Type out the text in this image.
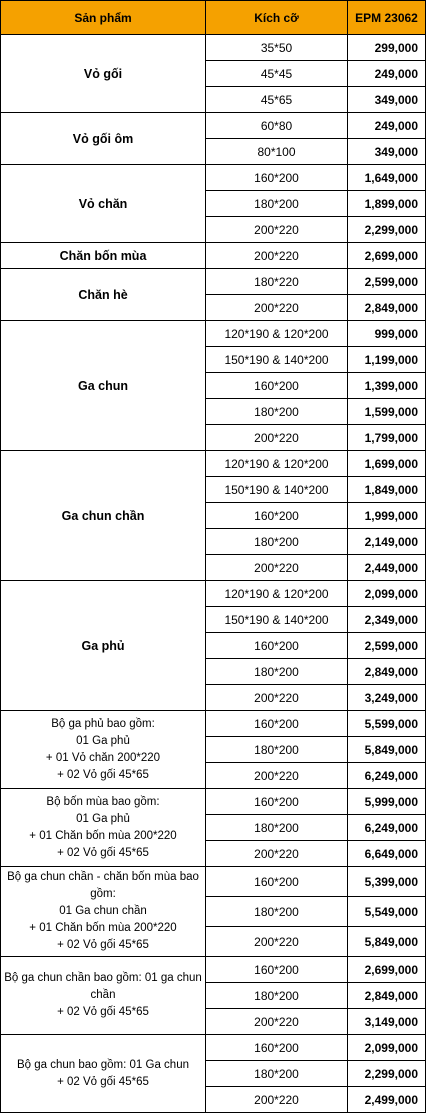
Sản phẩm	Kích cỡ	EPM 23062
Vỏ gối	35*50	299,000
	45*45	249,000
	45*65	349,000
Vỏ gối ôm	60*80	249,000
	80*100	349,000
Vỏ chăn	160*200	1,649,000
	180*200	1,899,000
	200*220	2,299,000
Chăn bốn mùa	200*220	2,699,000
Chăn hè	180*220	2,599,000
	200*220	2,849,000
Ga chun	120*190 & 120*200	999,000
	150*190 & 140*200	1,199,000
	160*200	1,399,000
	180*200	1,599,000
	200*220	1,799,000
Ga chun chần	120*190 & 120*200	1,699,000
	150*190 & 140*200	1,849,000
	160*200	1,999,000
	180*200	2,149,000
	200*220	2,449,000
Ga phủ	120*190 & 120*200	2,099,000
	150*190 & 140*200	2,349,000
	160*200	2,599,000
	180*200	2,849,000
	200*220	3,249,000
Bộ ga phủ bao gồm:
01 Ga phủ
+ 01 Vỏ chăn 200*220
+ 02 Vỏ gối 45*65	160*200	5,599,000
	180*200	5,849,000
	200*220	6,249,000
Bộ bốn mùa bao gồm:
01 Ga phủ
+ 01 Chăn bốn mùa 200*220
+ 02 Vỏ gối 45*65	160*200	5,999,000
	180*200	6,249,000
	200*220	6,649,000
Bộ ga chun chần - chăn bốn mùa bao gồm:
01 Ga chun chần
+ 01 Chăn bốn mùa 200*220
+ 02 Vỏ gối 45*65	160*200	5,399,000
	180*200	5,549,000
	200*220	5,849,000
Bộ ga chun chần bao gồm: 01 ga chun chần
+ 02 Vỏ gối 45*65	160*200	2,699,000
	180*200	2,849,000
	200*220	3,149,000
Bộ ga chun bao gồm: 01 Ga chun
+ 02 Vỏ gối 45*65	160*200	2,099,000
	180*200	2,299,000
	200*220	2,499,000
